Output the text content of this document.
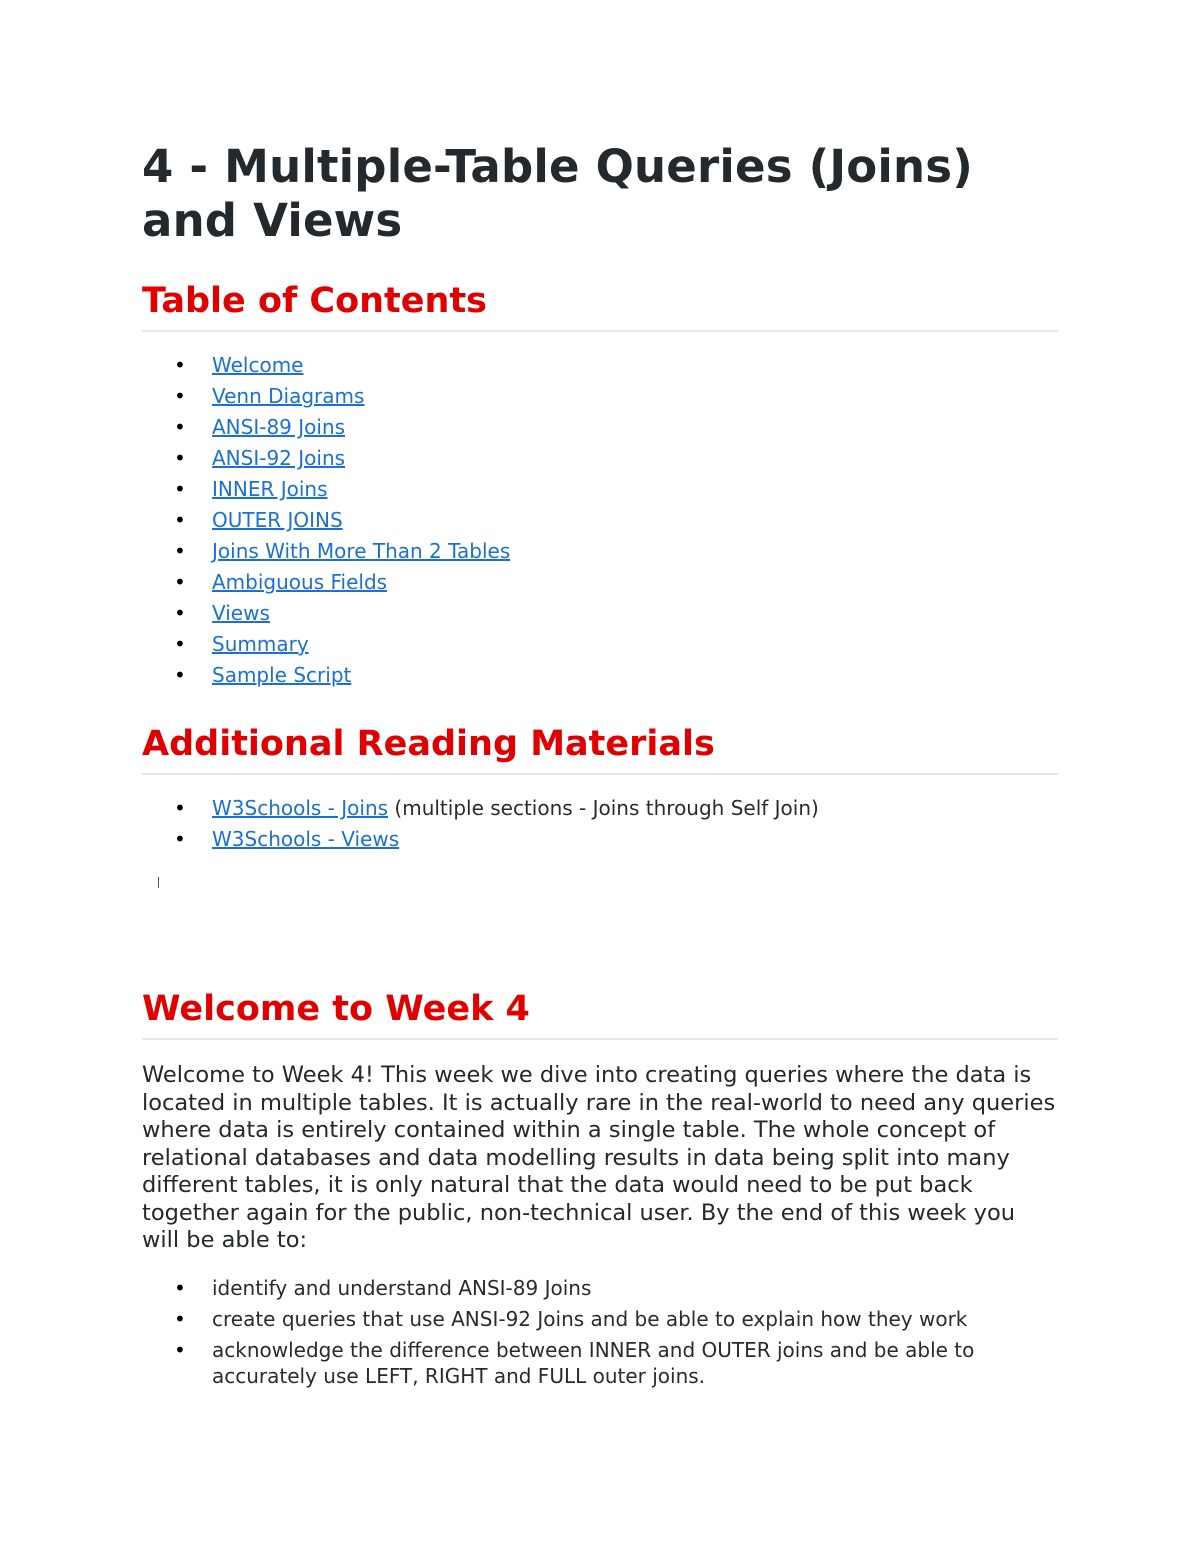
4 - Multiple-Table Queries (Joins) and Views
Table of Contents
• Welcome
• Venn Diagrams
• ANSI-89 Joins
• ANSI-92 Joins
• INNER Joins
• OUTER JOINS
• Joins With More Than 2 Tables
• Ambiguous Fields
• Views
• Summary
• Sample Script
Additional Reading Materials
• W3Schools - Joins (multiple sections - Joins through Self Join)
• W3Schools - Views
Welcome to Week 4

Welcome to Week 4! This week we dive into creating queries where the data is located in multiple tables. It is actually rare in the real-world to need any queries where data is entirely contained within a single table. The whole concept of relational databases and data modelling results in data being split into many different tables, it is only natural that the data would need to be put back together again for the public, non-technical user. By the end of this week you will be able to:

• identify and understand ANSI-89 Joins
• create queries that use ANSI-92 Joins and be able to explain how they work
• acknowledge the difference between INNER and OUTER joins and be able to accurately use LEFT, RIGHT and FULL outer joins.
